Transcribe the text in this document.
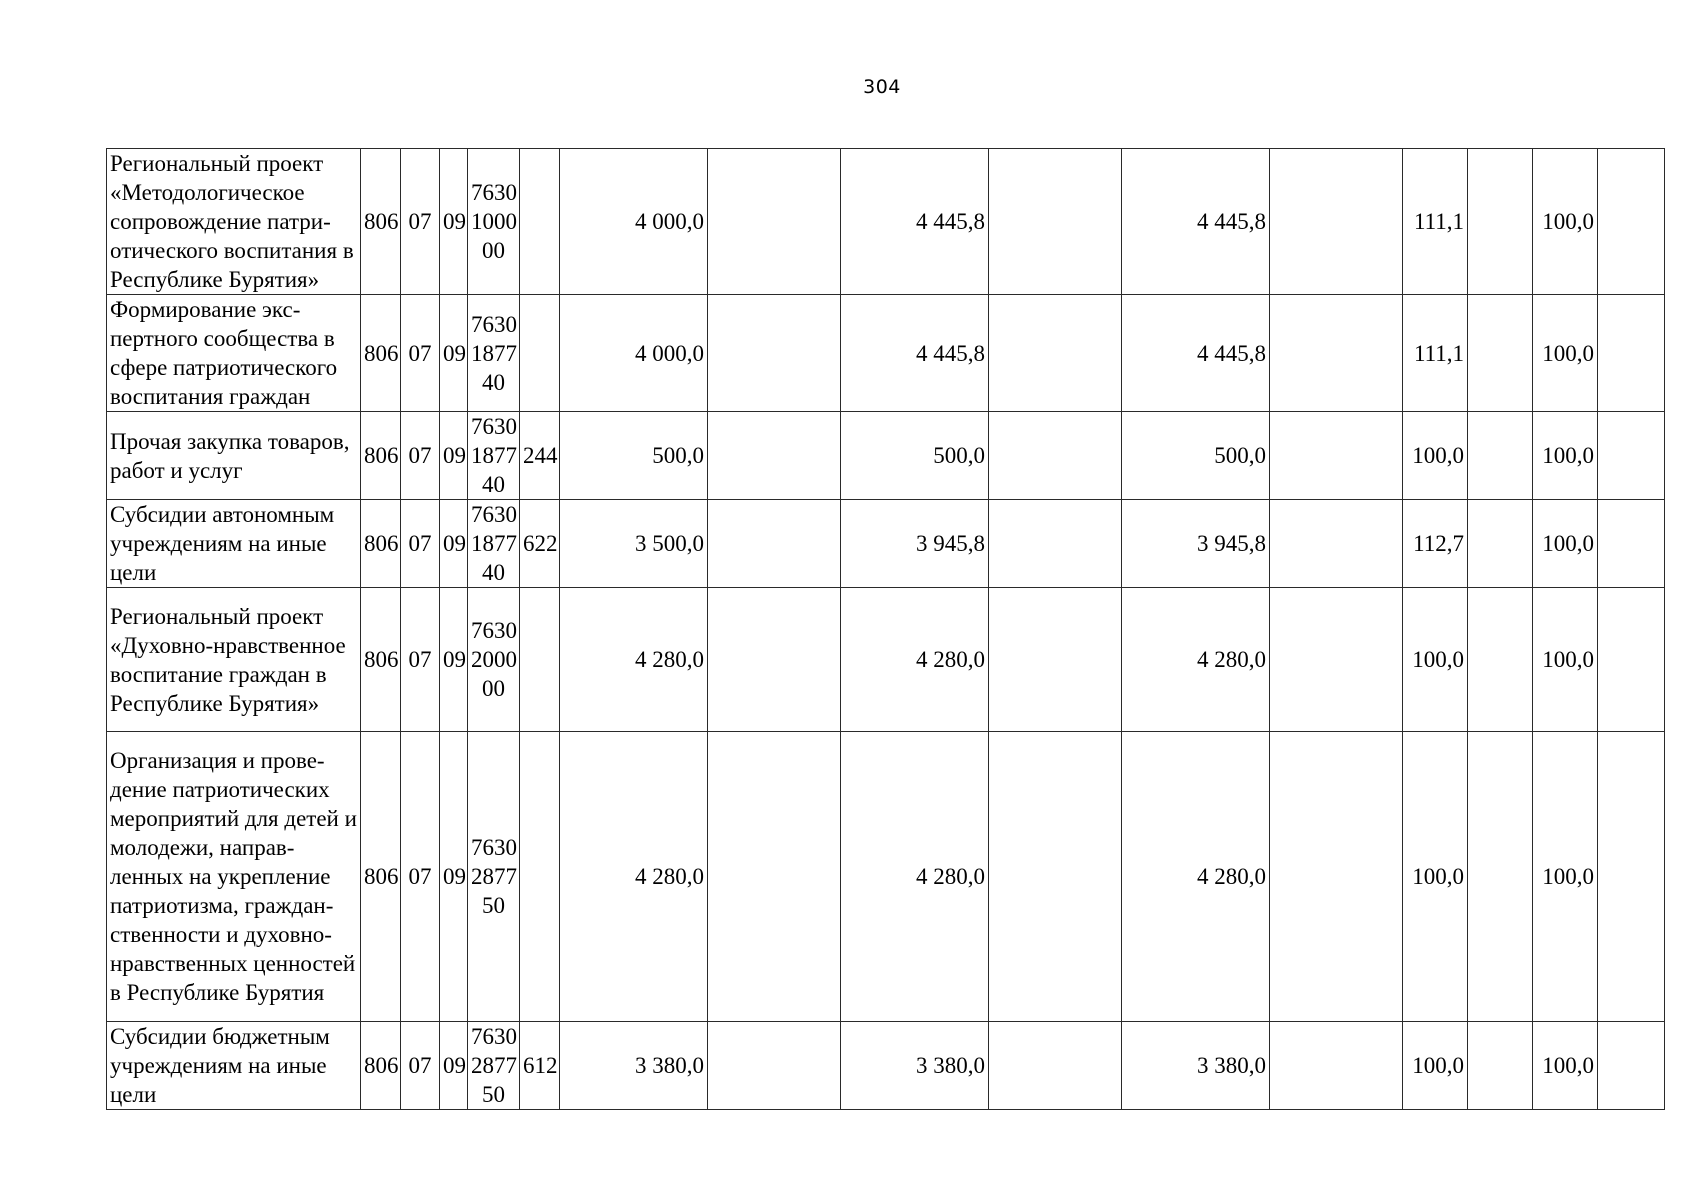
304
Региональный проект «Методологическое сопровождение патриотического воспитания в Республике Бурятия»	806	07	09	7630 1000 00		4 000,0		4 445,8		4 445,8		111,1		100,0	
Формирование экспертного сообщества в сфере патриотического воспитания граждан	806	07	09	7630 1877 40		4 000,0		4 445,8		4 445,8		111,1		100,0	
Прочая закупка товаров, работ и услуг	806	07	09	7630 1877 40	244	500,0		500,0		500,0		100,0		100,0	
Субсидии автономным учреждениям на иные цели	806	07	09	7630 1877 40	622	3 500,0		3 945,8		3 945,8		112,7		100,0	
Региональный проект «Духовно-нравственное воспитание граждан в Республике Бурятия»	806	07	09	7630 2000 00		4 280,0		4 280,0		4 280,0		100,0		100,0	
Организация и проведение патриотических мероприятий для детей и молодежи, направленных на укрепление патриотизма, гражданственности и духовно-нравственных ценностей в Республике Бурятия	806	07	09	7630 2877 50		4 280,0		4 280,0		4 280,0		100,0		100,0	
Субсидии бюджетным учреждениям на иные цели	806	07	09	7630 2877 50	612	3 380,0		3 380,0		3 380,0		100,0		100,0	
